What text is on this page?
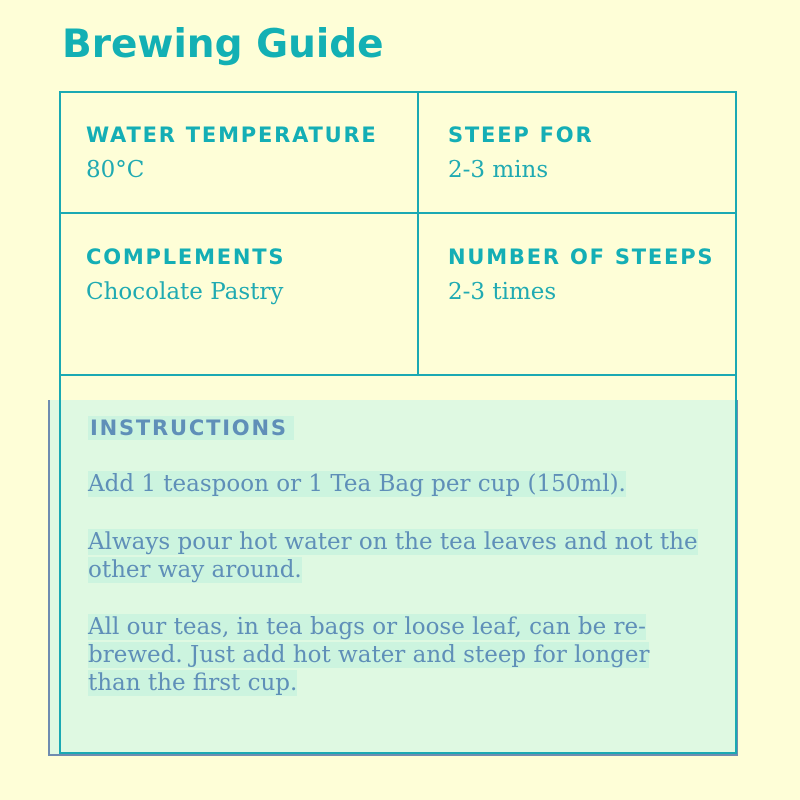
Brewing Guide
INSTRUCTIONS
Add 1 teaspoon or 1 Tea Bag per cup (150ml).
Always pour hot water on the tea leaves and not the other way around.
All our teas, in tea bags or loose leaf, can be re-brewed. Just add hot water and steep for longer than the first cup.
WATER TEMPERATURE
80°C
STEEP FOR
2-3 mins
COMPLEMENTS
Chocolate Pastry
NUMBER OF STEEPS
2-3 times
